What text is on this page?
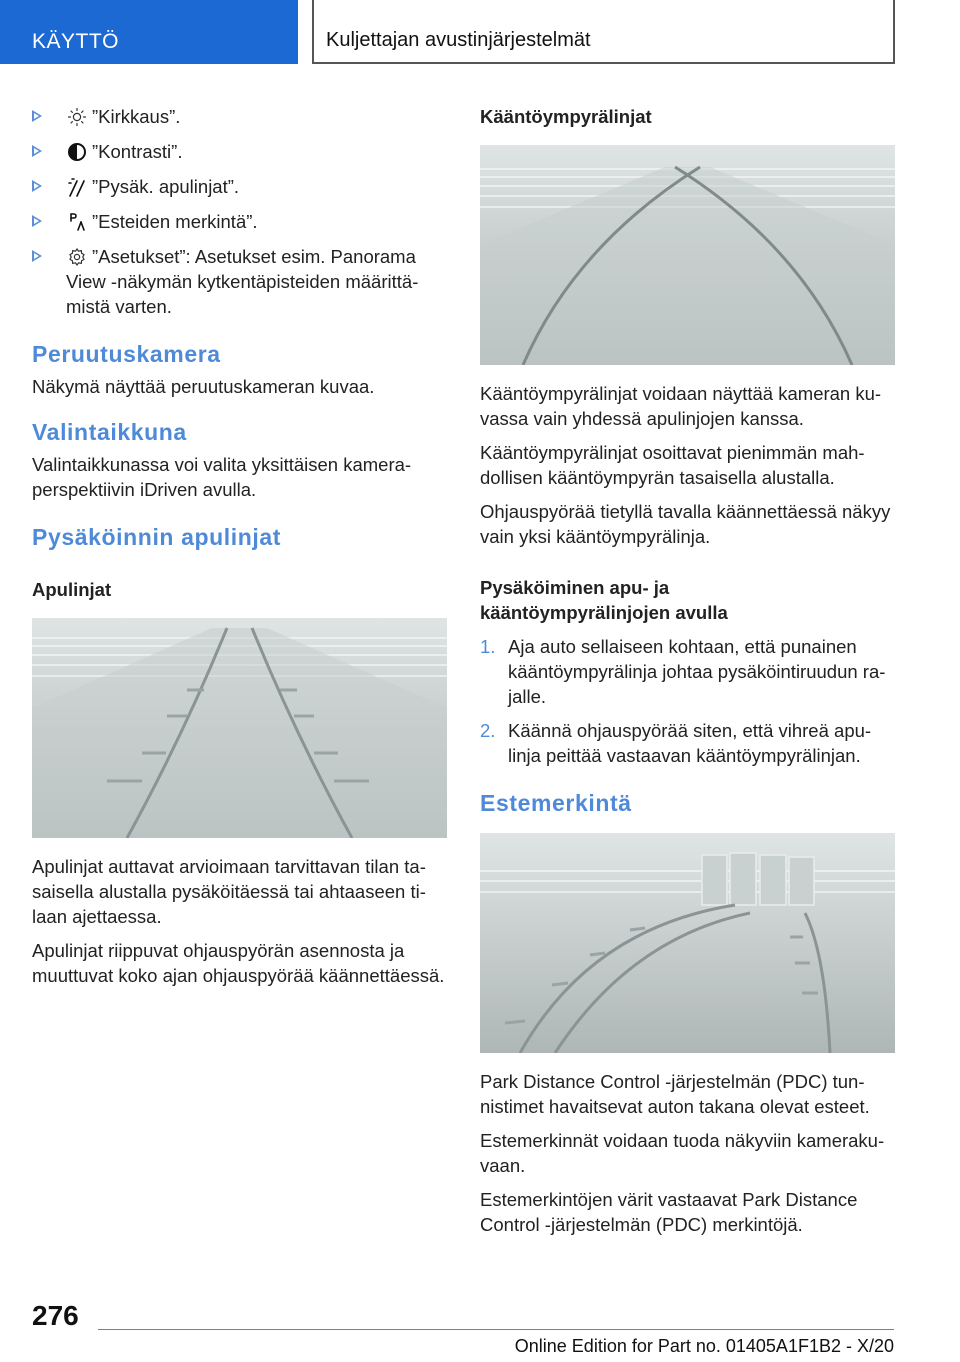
KÄYTTÖ	Kuljettajan avustinjärjestelmät
”Kirkkaus”.
”Kontrasti”.
”Pysäk. apulinjat”.
”Esteiden merkintä”.
”Asetukset”: Asetukset esim. Panorama View -näkymän kytkentäpisteiden määrittämistä varten.
Peruutuskamera
Näkymä näyttää peruutuskameran kuvaa.
Valintaikkuna
Valintaikkunassa voi valita yksittäisen kameraperspektiivin iDriven avulla.
Pysäköinnin apulinjat
Apulinjat
Apulinjat auttavat arvioimaan tarvittavan tilan tasaisella alustalla pysäköitäessä tai ahtaaseen tilaan ajettaessa.
Apulinjat riippuvat ohjauspyörän asennosta ja muuttuvat koko ajan ohjauspyörää käännettäessä.
Kääntöympyrälinjat
Kääntöympyrälinjat voidaan näyttää kameran kuvassa vain yhdessä apulinjojen kanssa.
Kääntöympyrälinjat osoittavat pienimmän mahdollisen kääntöympyrän tasaisella alustalla.
Ohjauspyörää tietyllä tavalla käännettäessä näkyy vain yksi kääntöympyrälinja.
Pysäköiminen apu- ja kääntöympyrälinjojen avulla
1. Aja auto sellaiseen kohtaan, että punainen kääntöympyrälinja johtaa pysäköintiruudun rajalle.
2. Käännä ohjauspyörää siten, että vihreä apulinja peittää vastaavan kääntöympyrälinjan.
Estemerkintä
Park Distance Control -järjestelmän (PDC) tunnistimet havaitsevat auton takana olevat esteet.
Estemerkinnät voidaan tuoda näkyviin kamerakuvaan.
Estemerkintöjen värit vastaavat Park Distance Control -järjestelmän (PDC) merkintöjä.
276
Online Edition for Part no. 01405A1F1B2 - X/20
